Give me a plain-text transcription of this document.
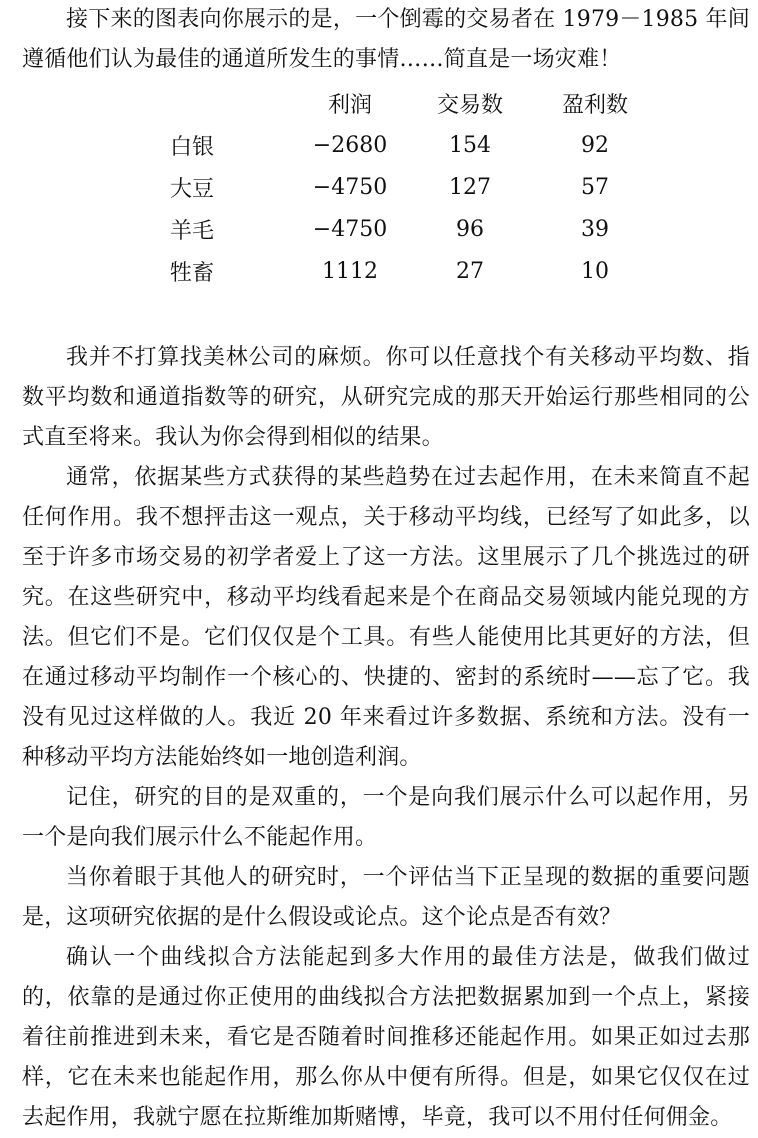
接下来的图表向你展示的是，一个倒霉的交易者在 1979－1985 年间遵循他们认为最佳的通道所发生的事情……简直是一场灾难！

	利润	交易数	盈利数
白银	−2680	154	92
大豆	−4750	127	57
羊毛	−4750	96	39
牲畜	1112	27	10

我并不打算找美林公司的麻烦。你可以任意找个有关移动平均数、指数平均数和通道指数等的研究，从研究完成的那天开始运行那些相同的公式直至将来。我认为你会得到相似的结果。

通常，依据某些方式获得的某些趋势在过去起作用，在未来简直不起任何作用。我不想抨击这一观点，关于移动平均线，已经写了如此多，以至于许多市场交易的初学者爱上了这一方法。这里展示了几个挑选过的研究。在这些研究中，移动平均线看起来是个在商品交易领域内能兑现的方法。但它们不是。它们仅仅是个工具。有些人能使用比其更好的方法，但在通过移动平均制作一个核心的、快捷的、密封的系统时——忘了它。我没有见过这样做的人。我近 20 年来看过许多数据、系统和方法。没有一种移动平均方法能始终如一地创造利润。

记住，研究的目的是双重的，一个是向我们展示什么可以起作用，另一个是向我们展示什么不能起作用。

当你着眼于其他人的研究时，一个评估当下正呈现的数据的重要问题是，这项研究依据的是什么假设或论点。这个论点是否有效？

确认一个曲线拟合方法能起到多大作用的最佳方法是，做我们做过的，依靠的是通过你正使用的曲线拟合方法把数据累加到一个点上，紧接着往前推进到未来，看它是否随着时间推移还能起作用。如果正如过去那样，它在未来也能起作用，那么你从中便有所得。但是，如果它仅仅在过去起作用，我就宁愿在拉斯维加斯赌博，毕竟，我可以不用付任何佣金。
